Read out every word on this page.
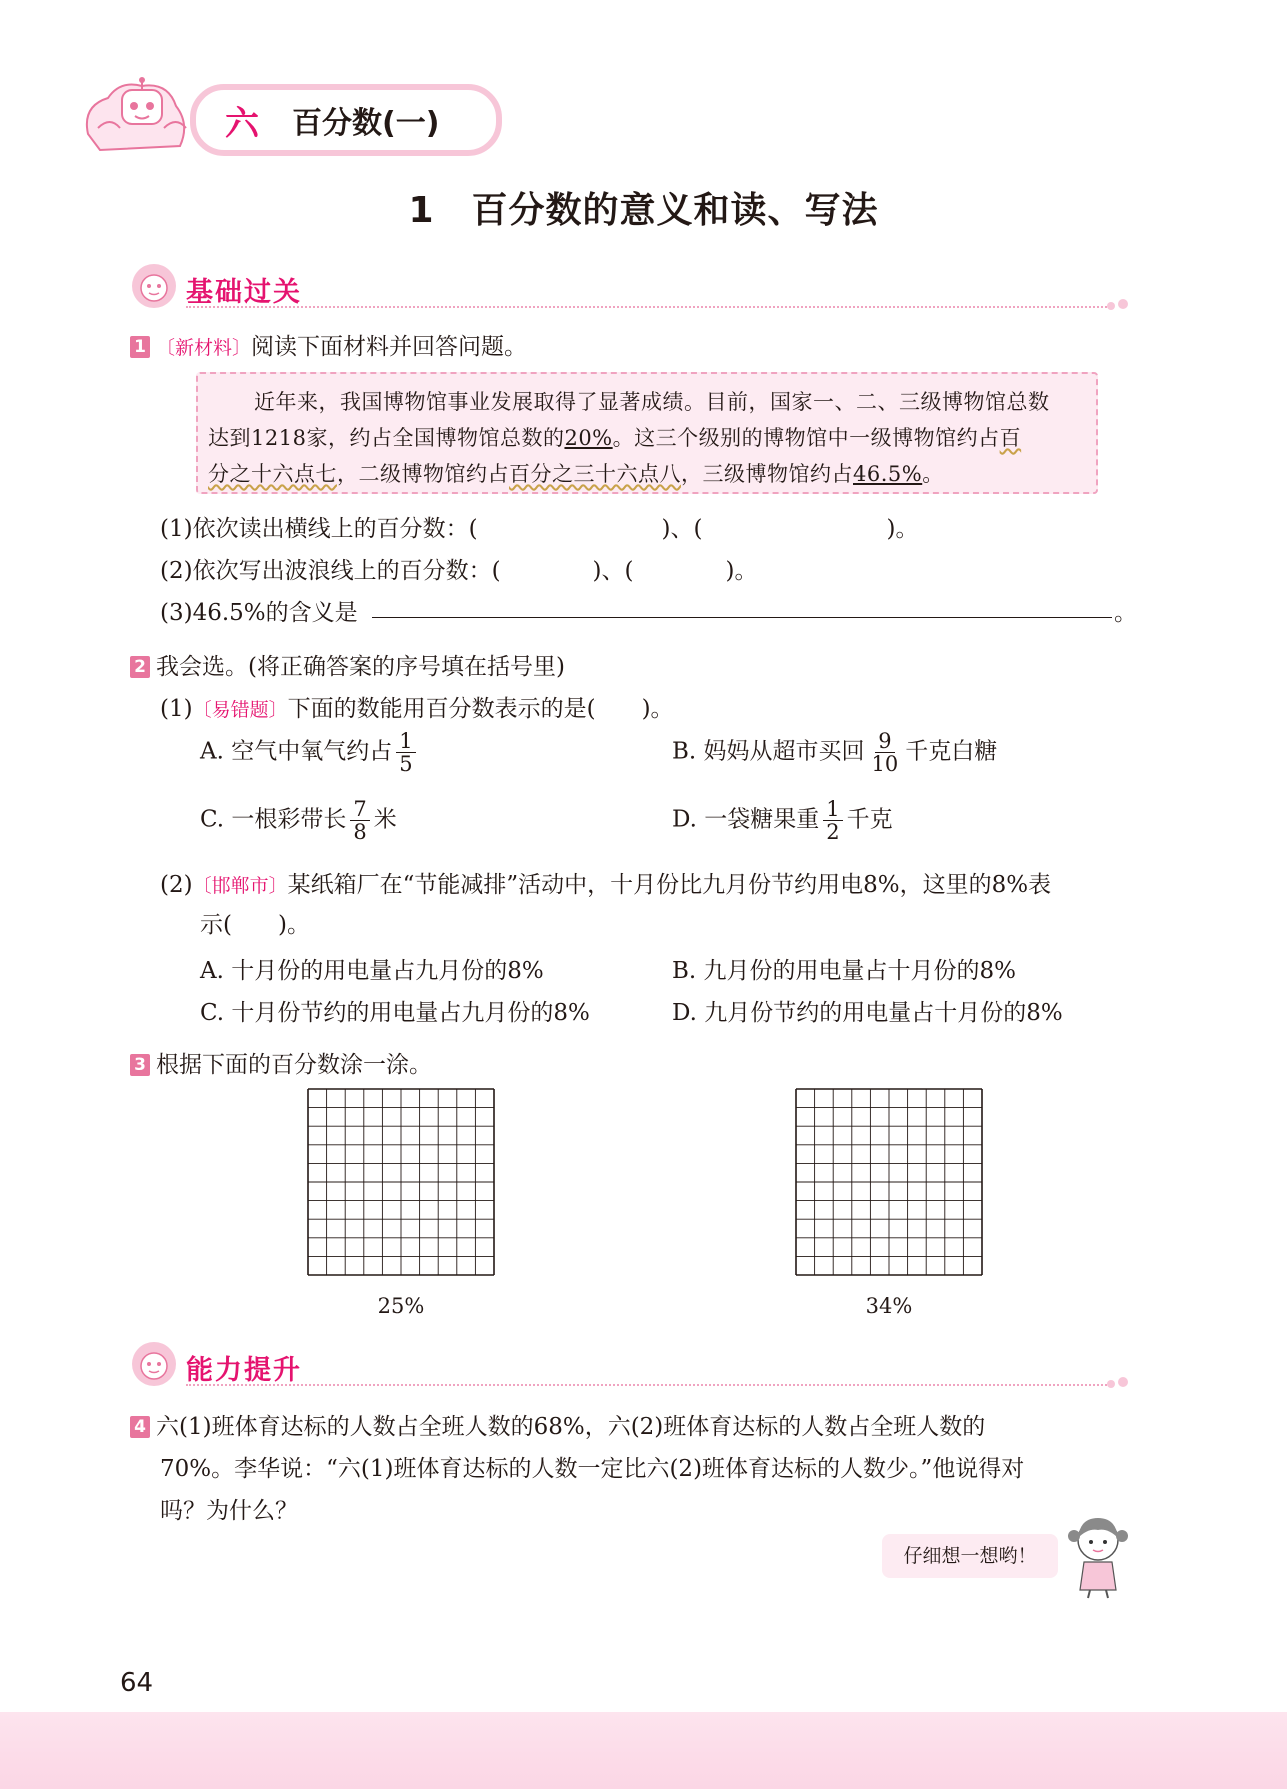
六 百分数(一)
1　百分数的意义和读、写法
基础过关
1 〔新材料〕阅读下面材料并回答问题。
近年来，我国博物馆事业发展取得了显著成绩。目前，国家一、二、三级博物馆总数
达到1218家，约占全国博物馆总数的20%。这三个级别的博物馆中一级博物馆约占百
分之十六点七，二级博物馆约占百分之三十六点八，三级博物馆约占46.5%。
(1)依次读出横线上的百分数：(　　　　　　　　)、(　　　　　　　　)。
(2)依次写出波浪线上的百分数：(　　　　)、(　　　　)。
(3)46.5%的含义是	。
2 我会选。(将正确答案的序号填在括号里)
(1)〔易错题〕下面的数能用百分数表示的是(　　)。
A. 空气中氧气约占 $\frac{1}{5}$	B. 妈妈从超市买回 $\frac{9}{10}$ 千克白糖
C. 一根彩带长 $\frac{7}{8}$ 米	D. 一袋糖果重 $\frac{1}{2}$ 千克
(2)〔邯郸市〕某纸箱厂在“节能减排”活动中，十月份比九月份节约用电8%，这里的8%表
示(　　)。
A. 十月份的用电量占九月份的8%	B. 九月份的用电量占十月份的8%
C. 十月份节约的用电量占九月份的8%	D. 九月份节约的用电量占十月份的8%
3 根据下面的百分数涂一涂。
25%	34%
能力提升
4 六(1)班体育达标的人数占全班人数的68%，六(2)班体育达标的人数占全班人数的
70%。李华说：“六(1)班体育达标的人数一定比六(2)班体育达标的人数少。”他说得对
吗？为什么？
仔细想一想哟！
64
